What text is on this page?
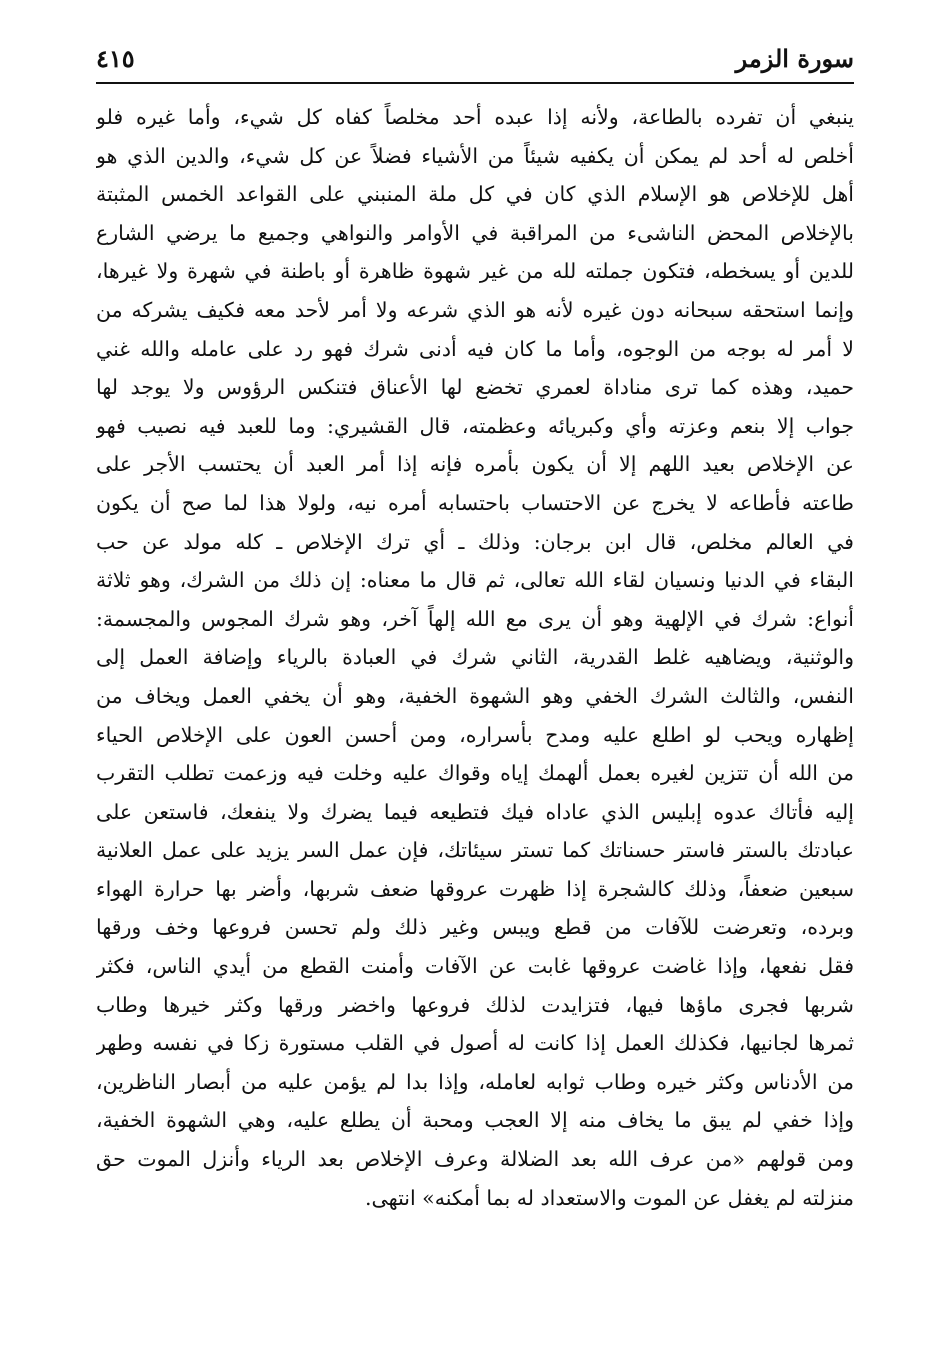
سورة الزمر
٤١٥
ينبغي أن تفرده بالطاعة، ولأنه إذا عبده أحد مخلصاً كفاه كل شيء، وأما غيره فلو
أخلص له أحد لم يمكن أن يكفيه شيئاً من الأشياء فضلاً عن كل شيء، والدين الذي هو
أهل للإخلاص هو الإسلام الذي كان في كل ملة المنبني على القواعد الخمس المثبتة
بالإخلاص المحض الناشىء من المراقبة في الأوامر والنواهي وجميع ما يرضي الشارع
للدين أو يسخطه، فتكون جملته لله من غير شهوة ظاهرة أو باطنة في شهرة ولا غيرها،
وإنما استحقه سبحانه دون غيره لأنه هو الذي شرعه ولا أمر لأحد معه فكيف يشركه من
لا أمر له بوجه من الوجوه، وأما ما كان فيه أدنى شرك فهو رد على عامله والله غني
حميد، وهذه كما ترى مناداة لعمري تخضع لها الأعناق فتنكس الرؤوس ولا يوجد لها
جواب إلا بنعم وعزته وأي وكبريائه وعظمته، قال القشيري: وما للعبد فيه نصيب فهو
عن الإخلاص بعيد اللهم إلا أن يكون بأمره فإنه إذا أمر العبد أن يحتسب الأجر على
طاعته فأطاعه لا يخرج عن الاحتساب باحتسابه أمره نيه، ولولا هذا لما صح أن يكون
في العالم مخلص، قال ابن برجان: وذلك ـ أي ترك الإخلاص ـ كله مولد عن حب
البقاء في الدنيا ونسيان لقاء الله تعالى، ثم قال ما معناه: إن ذلك من الشرك، وهو ثلاثة
أنواع: شرك في الإلهية وهو أن يرى مع الله إلهاً آخر، وهو شرك المجوس والمجسمة:
والوثنية، ويضاهيه غلط القدرية، الثاني شرك في العبادة بالرياء وإضافة العمل إلى
النفس، والثالث الشرك الخفي وهو الشهوة الخفية، وهو أن يخفي العمل ويخاف من
إظهاره ويحب لو اطلع عليه ومدح بأسراره، ومن أحسن العون على الإخلاص الحياء
من الله أن تتزين لغيره بعمل ألهمك إياه وقواك عليه وخلت فيه وزعمت تطلب التقرب
إليه فأتاك عدوه إبليس الذي عاداه فيك فتطيعه فيما يضرك ولا ينفعك، فاستعن على
عبادتك بالستر فاستر حسناتك كما تستر سيئاتك، فإن عمل السر يزيد على عمل العلانية
سبعين ضعفاً، وذلك كالشجرة إذا ظهرت عروقها ضعف شربها، وأضر بها حرارة الهواء
وبرده، وتعرضت للآفات من قطع ويبس وغير ذلك ولم تحسن فروعها وخف ورقها
فقل نفعها، وإذا غاضت عروقها غابت عن الآفات وأمنت القطع من أيدي الناس، فكثر
شربها فجرى ماؤها فيها، فتزايدت لذلك فروعها واخضر ورقها وكثر خيرها وطاب
ثمرها لجانيها، فكذلك العمل إذا كانت له أصول في القلب مستورة زكا في نفسه وطهر
من الأدناس وكثر خيره وطاب ثوابه لعامله، وإذا بدا لم يؤمن عليه من أبصار الناظرين،
وإذا خفي لم يبق ما يخاف منه إلا العجب ومحبة أن يطلع عليه، وهي الشهوة الخفية،
ومن قولهم «من عرف الله بعد الضلالة وعرف الإخلاص بعد الرياء وأنزل الموت حق
منزلته لم يغفل عن الموت والاستعداد له بما أمكنه» انتهى.
